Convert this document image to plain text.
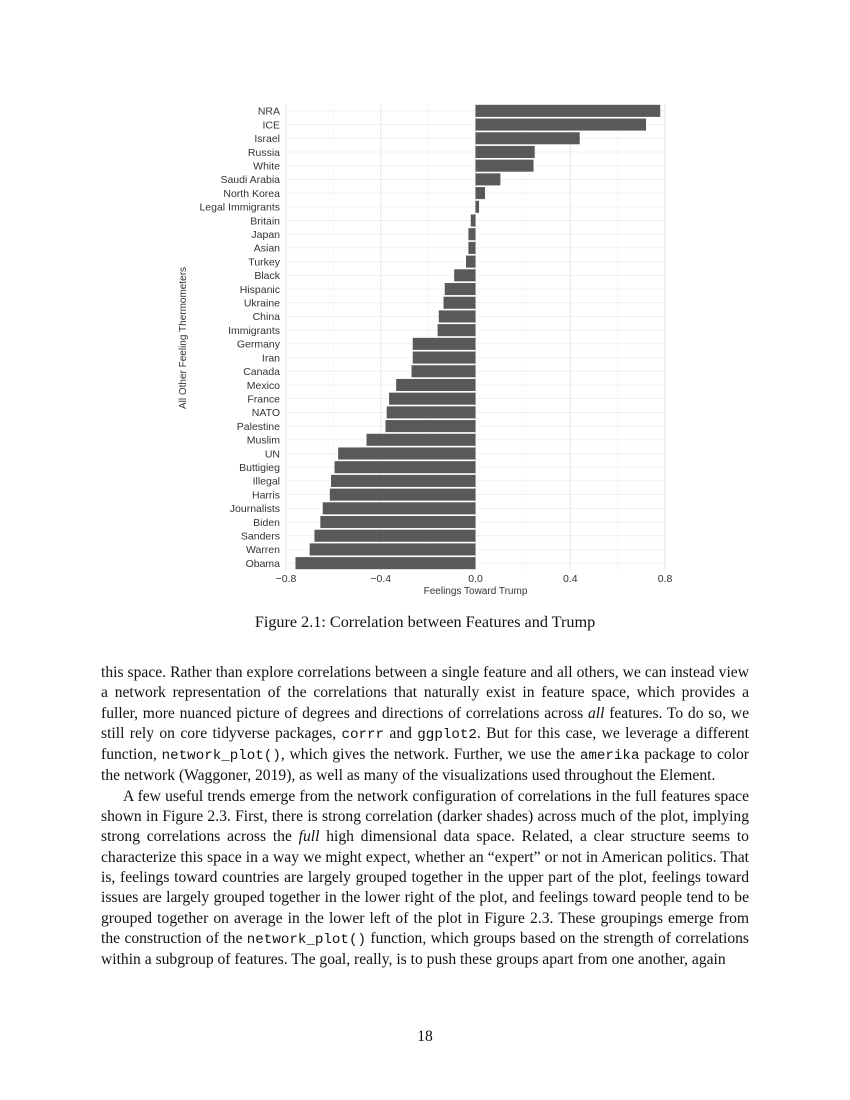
NRA
ICE
Israel
Russia
White
Saudi Arabia
North Korea
Legal Immigrants
Britain
Japan
Asian
Turkey
Black
Hispanic
Ukraine
China
Immigrants
Germany
Iran
Canada
Mexico
France
NATO
Palestine
Muslim
UN
Buttigieg
Illegal
Harris
Journalists
Biden
Sanders
Warren
Obama
−0.8	−0.4	0.0	0.4	0.8
Feelings Toward Trump
All Other Feeling Thermometers

Figure 2.1: Correlation between Features and Trump

this space. Rather than explore correlations between a single feature and all others, we can instead view a network representation of the correlations that naturally exist in feature space, which provides a fuller, more nuanced picture of degrees and directions of correlations across all features. To do so, we still rely on core tidyverse packages, corrr and ggplot2. But for this case, we leverage a different function, network_plot(), which gives the network. Further, we use the amerika package to color the network (Waggoner, 2019), as well as many of the visualizations used throughout the Element.

A few useful trends emerge from the network configuration of correlations in the full features space shown in Figure 2.3. First, there is strong correlation (darker shades) across much of the plot, implying strong correlations across the full high dimensional data space. Related, a clear structure seems to characterize this space in a way we might expect, whether an “expert” or not in American politics. That is, feelings toward countries are largely grouped together in the upper part of the plot, feelings toward issues are largely grouped together in the lower right of the plot, and feelings toward people tend to be grouped together on average in the lower left of the plot in Figure 2.3. These groupings emerge from the construction of the network_plot() function, which groups based on the strength of correlations within a subgroup of features. The goal, really, is to push these groups apart from one another, again

18
